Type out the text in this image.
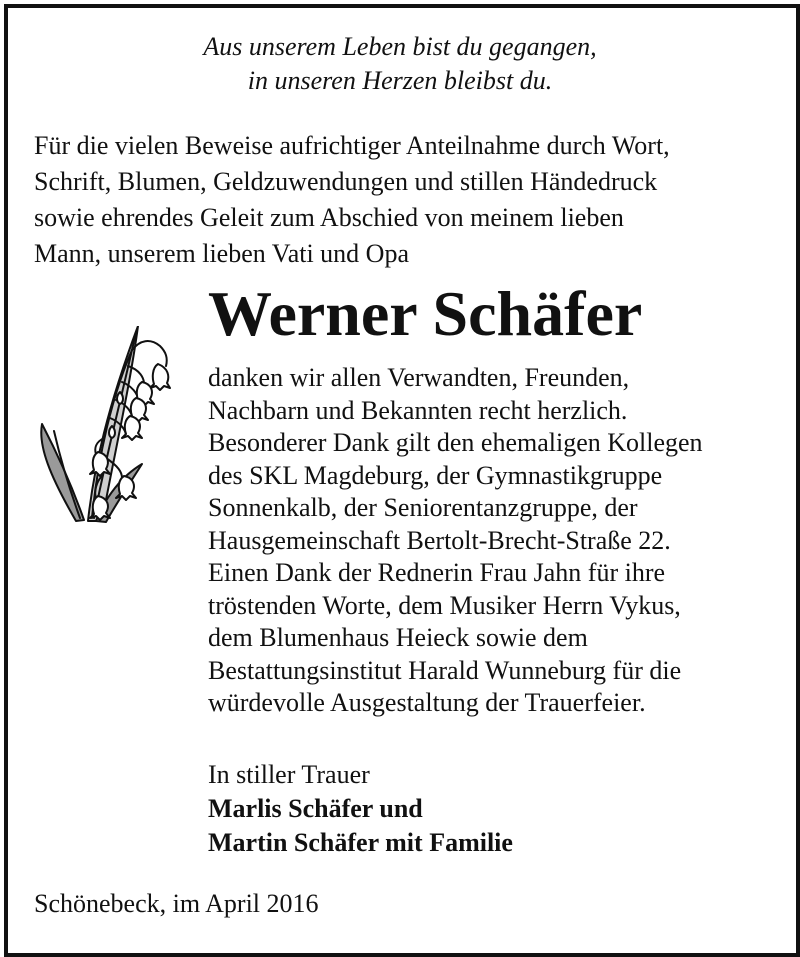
Aus unserem Leben bist du gegangen,
in unseren Herzen bleibst du.
Für die vielen Beweise aufrichtiger Anteilnahme durch Wort,
Schrift, Blumen, Geldzuwendungen und stillen Händedruck
sowie ehrendes Geleit zum Abschied von meinem lieben
Mann, unserem lieben Vati und Opa
Werner Schäfer
danken wir allen Verwandten, Freunden,
Nachbarn und Bekannten recht herzlich.
Besonderer Dank gilt den ehemaligen Kollegen
des SKL Magdeburg, der Gymnastikgruppe
Sonnenkalb, der Seniorentanzgruppe, der
Hausgemeinschaft Bertolt-Brecht-Straße 22.
Einen Dank der Rednerin Frau Jahn für ihre
tröstenden Worte, dem Musiker Herrn Vykus,
dem Blumenhaus Heieck sowie dem
Bestattungsinstitut Harald Wunneburg für die
würdevolle Ausgestaltung der Trauerfeier.
In stiller Trauer
Marlis Schäfer und
Martin Schäfer mit Familie
Schönebeck, im April 2016
